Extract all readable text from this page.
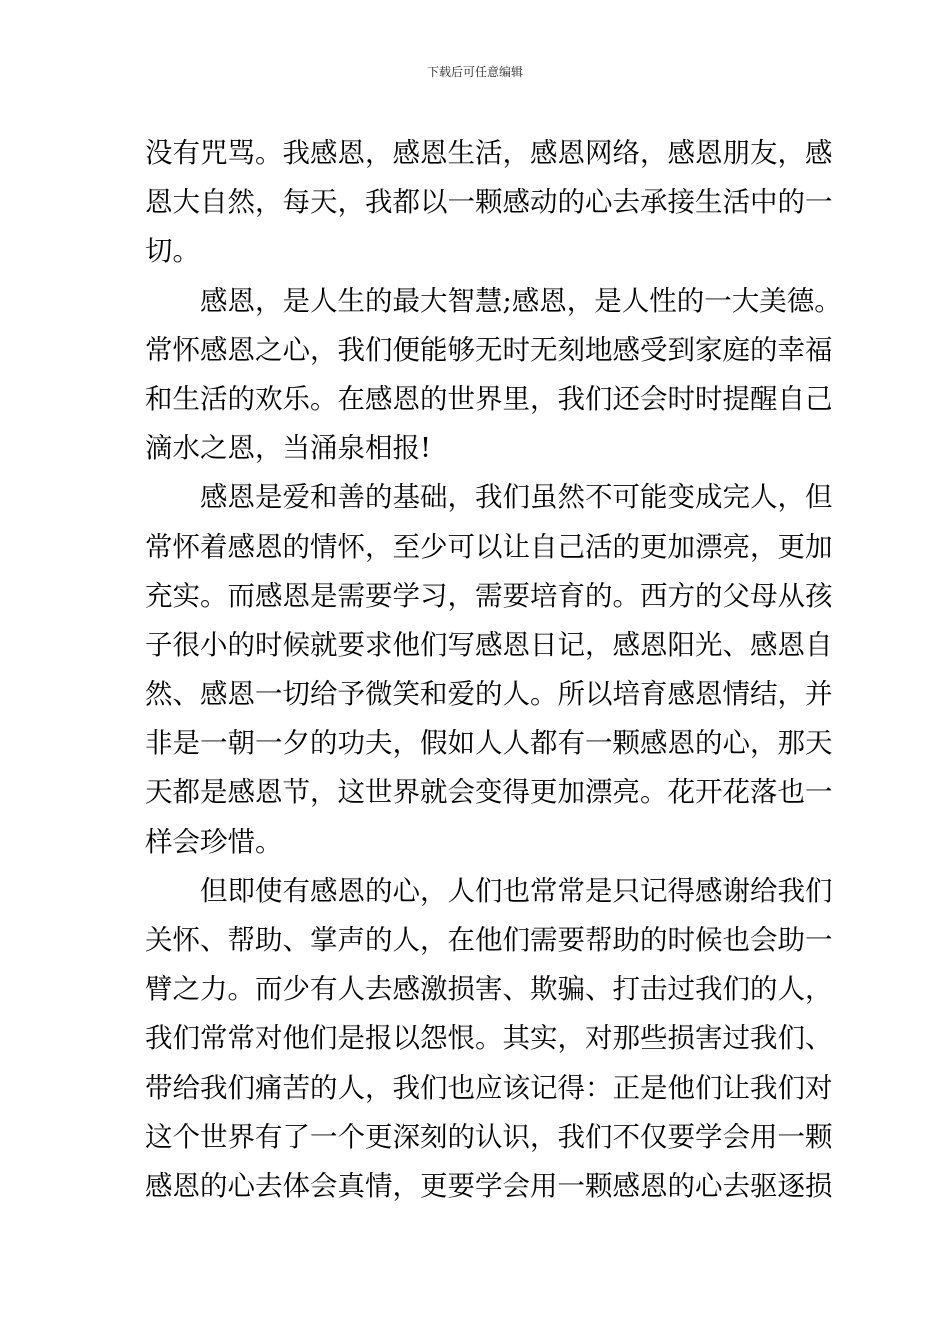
下载后可任意编辑
没有咒骂。我感恩，感恩生活，感恩网络，感恩朋友，感
恩大自然，每天，我都以一颗感动的心去承接生活中的一
切。
感恩，是人生的最大智慧;感恩，是人性的一大美德。
常怀感恩之心，我们便能够无时无刻地感受到家庭的幸福
和生活的欢乐。在感恩的世界里，我们还会时时提醒自己
滴水之恩，当涌泉相报!
感恩是爱和善的基础，我们虽然不可能变成完人，但
常怀着感恩的情怀，至少可以让自己活的更加漂亮，更加
充实。而感恩是需要学习，需要培育的。西方的父母从孩
子很小的时候就要求他们写感恩日记，感恩阳光、感恩自
然、感恩一切给予微笑和爱的人。所以培育感恩情结，并
非是一朝一夕的功夫，假如人人都有一颗感恩的心，那天
天都是感恩节，这世界就会变得更加漂亮。花开花落也一
样会珍惜。
但即使有感恩的心，人们也常常是只记得感谢给我们
关怀、帮助、掌声的人，在他们需要帮助的时候也会助一
臂之力。而少有人去感激损害、欺骗、打击过我们的人，
我们常常对他们是报以怨恨。其实，对那些损害过我们、
带给我们痛苦的人，我们也应该记得：正是他们让我们对
这个世界有了一个更深刻的认识，我们不仅要学会用一颗
感恩的心去体会真情，更要学会用一颗感恩的心去驱逐损
